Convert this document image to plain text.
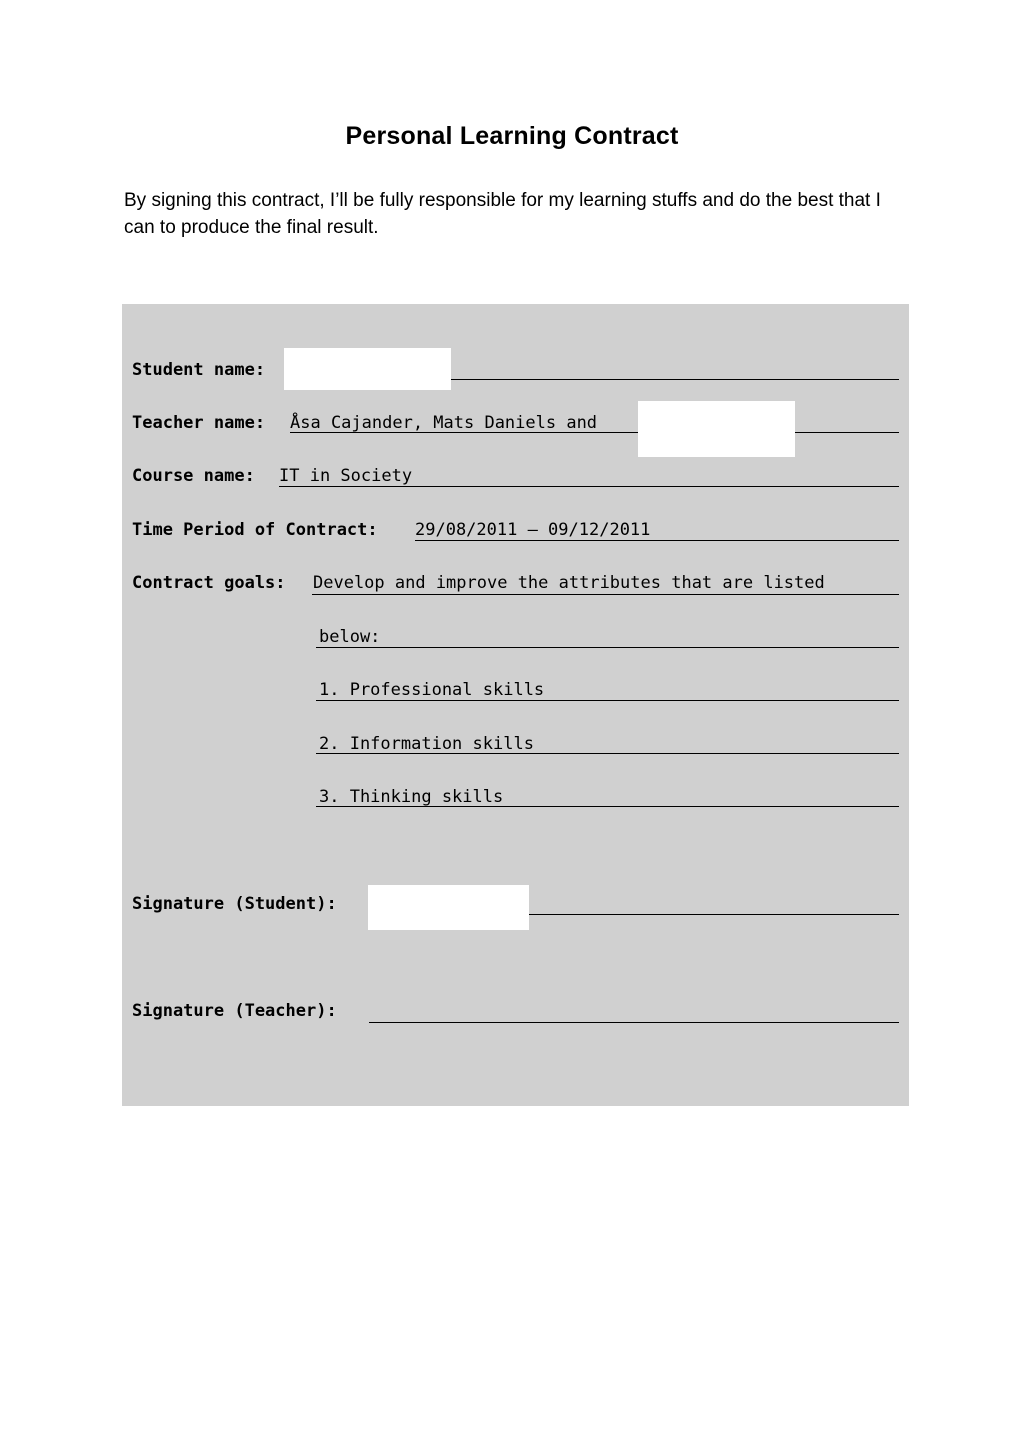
Personal Learning Contract
By signing this contract, I’ll be fully responsible for my learning stuffs and do the best that I can to produce the final result.
Student name:
Teacher name: Åsa Cajander, Mats Daniels and
Course name: IT in Society
Time Period of Contract: 29/08/2011 – 09/12/2011
Contract goals: Develop and improve the attributes that are listed
below:
1. Professional skills
2. Information skills
3. Thinking skills
Signature (Student):
Signature (Teacher):
